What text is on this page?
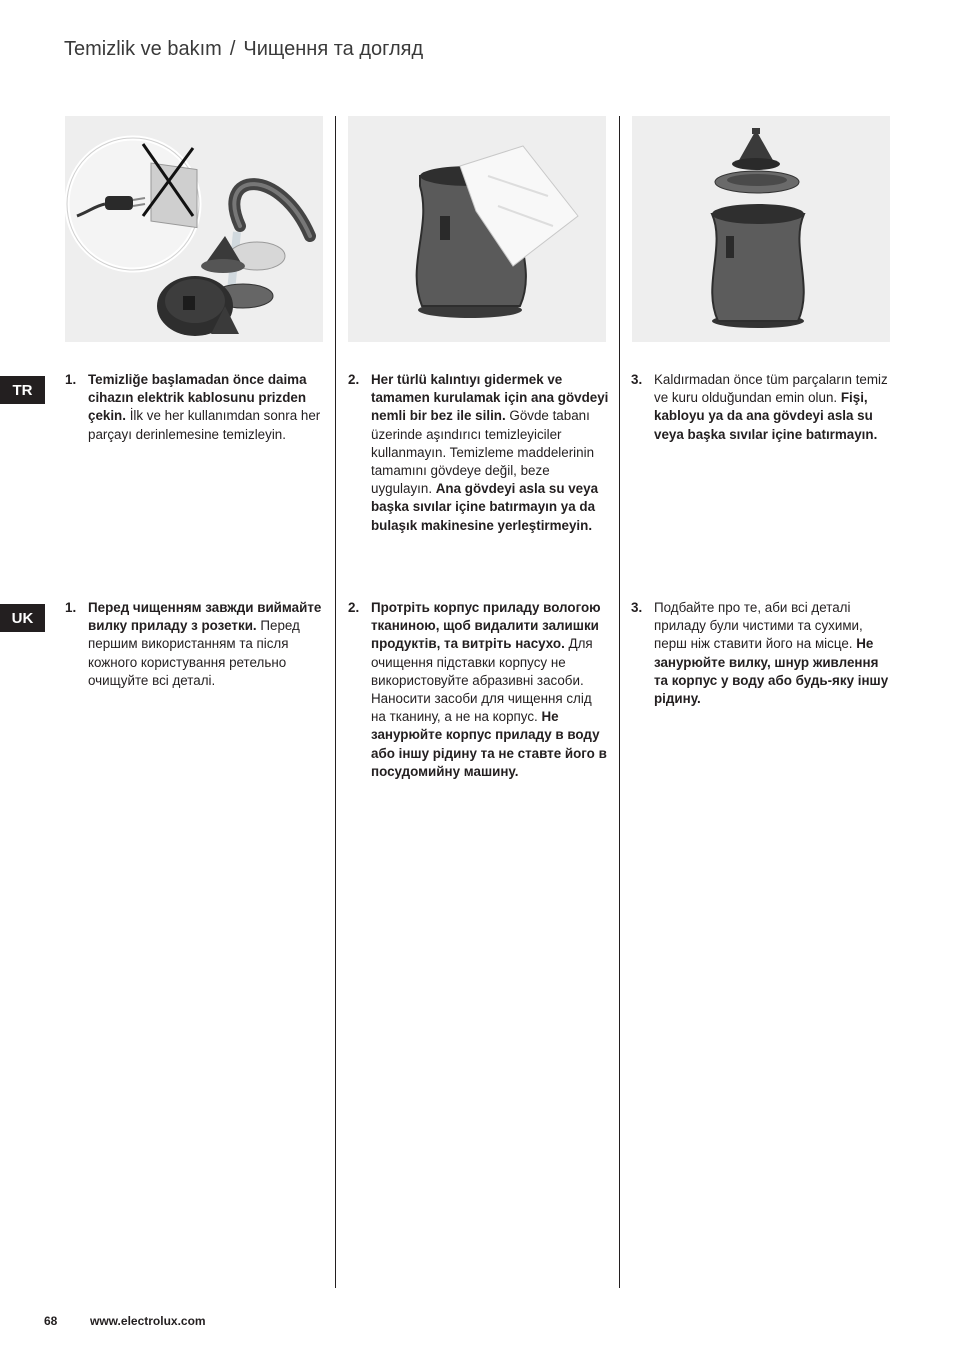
Temizlik ve bakım / Чищення та догляд
TR
UK
1. Temizliğe başlamadan önce daima cihazın elektrik kablosunu prizden çekin. İlk ve her kullanımdan sonra her parçayı derinlemesine temizleyin.
2. Her türlü kalıntıyı gidermek ve tamamen kurulamak için ana gövdeyi nemli bir bez ile silin. Gövde tabanı üzerinde aşındırıcı temizleyiciler kullanmayın. Temizleme maddelerinin tamamını gövdeye değil, beze uygulayın. Ana gövdeyi asla su veya başka sıvılar içine batırmayın ya da bulaşık makinesine yerleştirmeyin.
3. Kaldırmadan önce tüm parçaların temiz ve kuru olduğundan emin olun. Fişi, kabloyu ya da ana gövdeyi asla su veya başka sıvılar içine batırmayın.
1. Перед чищенням завжди виймайте вилку приладу з розетки. Перед першим використанням та після кожного користування ретельно очищуйте всі деталі.
2. Протріть корпус приладу вологою тканиною, щоб видалити залишки продуктів, та витріть насухо. Для очищення підставки корпусу не використовуйте абразивні засоби. Наносити засоби для чищення слід на тканину, а не на корпус. Не занурюйте корпус приладу в воду або іншу рідину та не ставте його в посудомийну машину.
3. Подбайте про те, аби всі деталі приладу були чистими та сухими, перш ніж ставити його на місце. Не занурюйте вилку, шнур живлення та корпус у воду або будь-яку іншу рідину.
68	www.electrolux.com
